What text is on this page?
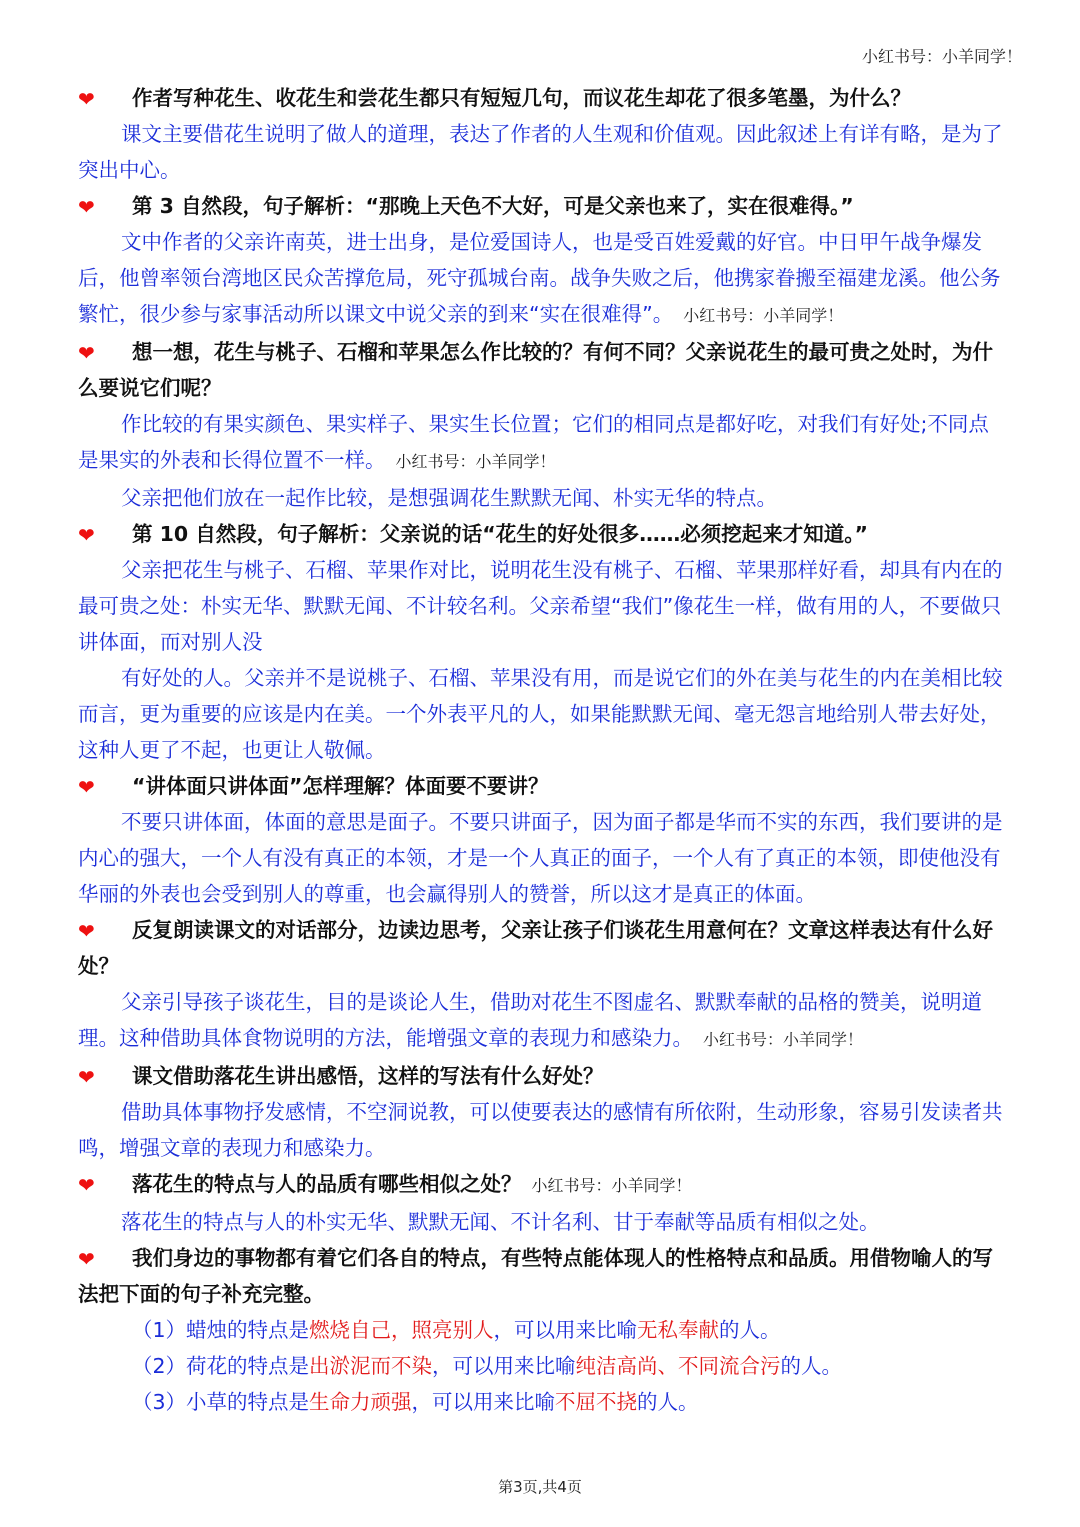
小红书号：小羊同学！
❤ 作者写种花生、收花生和尝花生都只有短短几句，而议花生却花了很多笔墨，为什么？
课文主要借花生说明了做人的道理，表达了作者的人生观和价值观。因此叙述上有详有略，是为了突出中心。
❤ 第 3 自然段，句子解析：“那晚上天色不大好，可是父亲也来了，实在很难得。”
文中作者的父亲许南英，进士出身，是位爱国诗人，也是受百姓爱戴的好官。中日甲午战争爆发后，他曾率领台湾地区民众苦撑危局，死守孤城台南。战争失败之后，他携家眷搬至福建龙溪。他公务繁忙，很少参与家事活动所以课文中说父亲的到来“实在很难得”。 小红书号：小羊同学！
❤ 想一想，花生与桃子、石榴和苹果怎么作比较的？有何不同？父亲说花生的最可贵之处时，为什么要说它们呢？
作比较的有果实颜色、果实样子、果实生长位置；它们的相同点是都好吃，对我们有好处;不同点是果实的外表和长得位置不一样。 小红书号：小羊同学！
父亲把他们放在一起作比较，是想强调花生默默无闻、朴实无华的特点。
❤ 第 10 自然段，句子解析：父亲说的话“花生的好处很多……必须挖起来才知道。”
父亲把花生与桃子、石榴、苹果作对比，说明花生没有桃子、石榴、苹果那样好看，却具有内在的最可贵之处：朴实无华、默默无闻、不计较名利。父亲希望“我们”像花生一样，做有用的人，不要做只讲体面，而对别人没
有好处的人。父亲并不是说桃子、石榴、苹果没有用，而是说它们的外在美与花生的内在美相比较而言，更为重要的应该是内在美。一个外表平凡的人，如果能默默无闻、毫无怨言地给别人带去好处，这种人更了不起，也更让人敬佩。
❤ “讲体面只讲体面”怎样理解？体面要不要讲？
不要只讲体面，体面的意思是面子。不要只讲面子，因为面子都是华而不实的东西，我们要讲的是内心的强大，一个人有没有真正的本领，才是一个人真正的面子，一个人有了真正的本领，即使他没有华丽的外表也会受到别人的尊重，也会赢得别人的赞誉，所以这才是真正的体面。
❤ 反复朗读课文的对话部分，边读边思考，父亲让孩子们谈花生用意何在？文章这样表达有什么好处？
父亲引导孩子谈花生，目的是谈论人生，借助对花生不图虚名、默默奉献的品格的赞美，说明道理。这种借助具体食物说明的方法，能增强文章的表现力和感染力。 小红书号：小羊同学！
❤ 课文借助落花生讲出感悟，这样的写法有什么好处？
借助具体事物抒发感情，不空洞说教，可以使要表达的感情有所依附，生动形象，容易引发读者共鸣，增强文章的表现力和感染力。
❤ 落花生的特点与人的品质有哪些相似之处？ 小红书号：小羊同学！
落花生的特点与人的朴实无华、默默无闻、不计名利、甘于奉献等品质有相似之处。
❤ 我们身边的事物都有着它们各自的特点，有些特点能体现人的性格特点和品质。用借物喻人的写法把下面的句子补充完整。
（1）蜡烛的特点是燃烧自己，照亮别人，可以用来比喻无私奉献的人。
（2）荷花的特点是出淤泥而不染，可以用来比喻纯洁高尚、不同流合污的人。
（3）小草的特点是生命力顽强，可以用来比喻不屈不挠的人。
第3页,共4页
